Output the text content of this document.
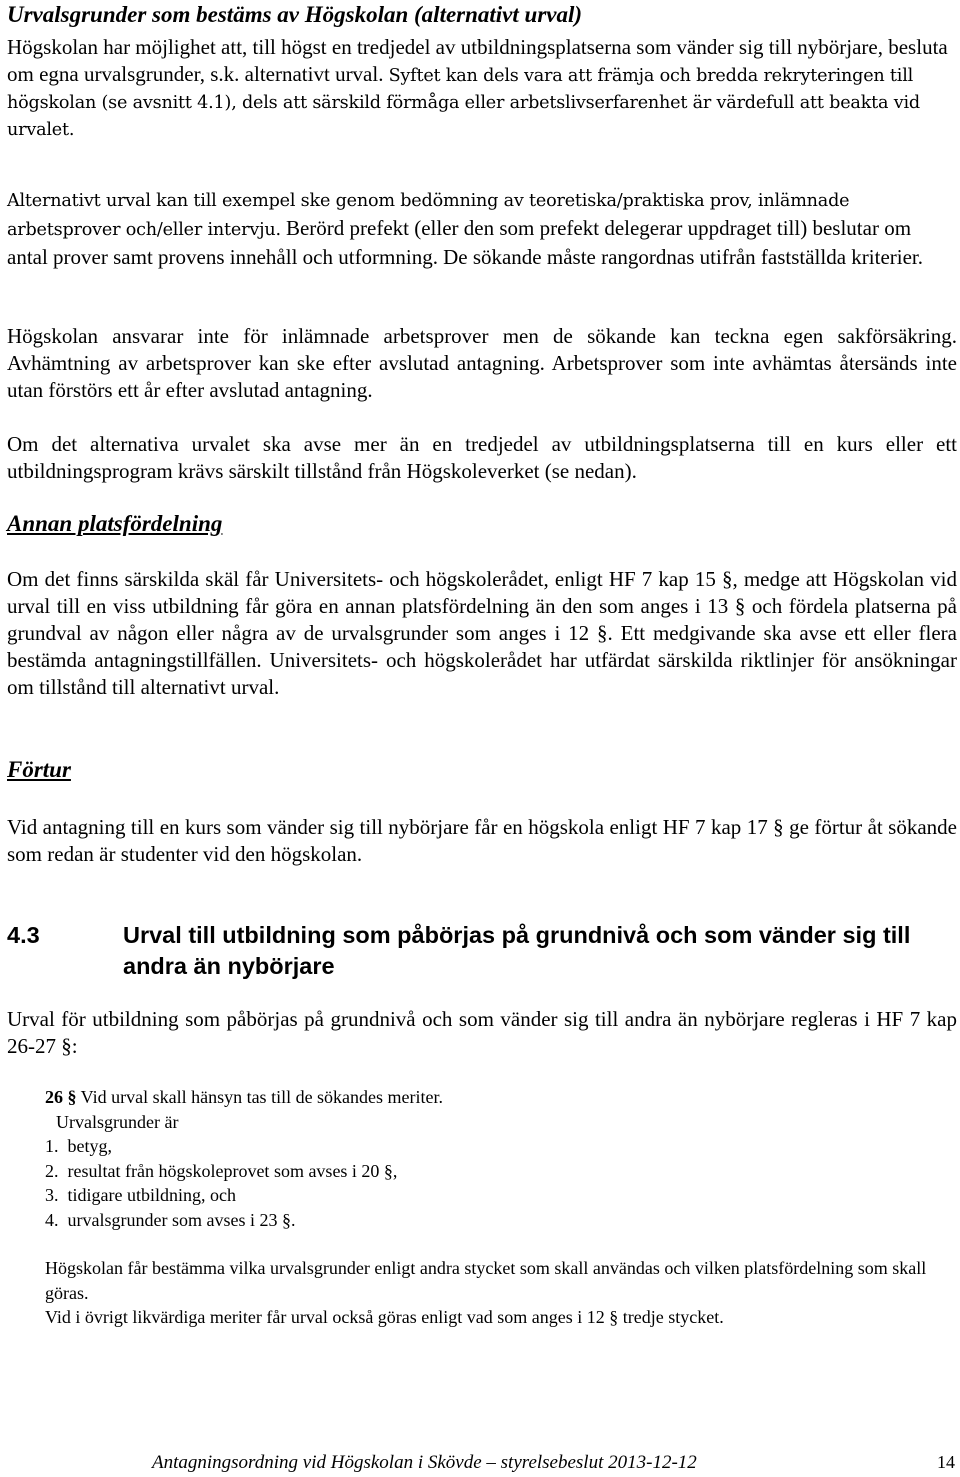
Urvalsgrunder som bestäms av Högskolan (alternativt urval)

Högskolan har möjlighet att, till högst en tredjedel av utbildningsplatserna som vänder sig till nybörjare, besluta om egna urvalsgrunder, s.k. alternativt urval.

Syftet kan dels vara att främja och bredda rekryteringen till högskolan (se avsnitt 4.1), dels att särskild förmåga eller arbetslivserfarenhet är värdefull att beakta vid urvalet.

Alternativt urval kan till exempel ske genom bedömning av teoretiska/praktiska prov, inlämnade arbetsprover och/eller intervju.

Berörd prefekt (eller den som prefekt delegerar uppdraget till) beslutar om antal prover samt provens innehåll och utformning.

De sökande måste rangordnas utifrån fastställda kriterier.

Högskolan ansvarar inte för inlämnade arbetsprover men de sökande kan teckna egen sakförsäkring. Avhämtning av arbetsprover kan ske efter avslutad antagning. Arbetsprover som inte avhämtas återsänds inte utan förstörs ett år efter avslutad antagning.

Om det alternativa urvalet ska avse mer än en tredjedel av utbildningsplatserna till en kurs eller ett utbildningsprogram krävs särskilt tillstånd från Högskoleverket (se nedan).

Annan platsfördelning

Om det finns särskilda skäl får Universitets- och högskolerådet, enligt HF 7 kap 15 §, medge att Högskolan vid urval till en viss utbildning får göra en annan platsfördelning än den som anges i 13 § och fördela platserna på grundval av någon eller några av de urvalsgrunder som anges i 12 §. Ett medgivande ska avse ett eller flera bestämda antagningstillfällen. Universitets- och högskolerådet har utfärdat särskilda riktlinjer för ansökningar om tillstånd till alternativt urval.

Förtur

Vid antagning till en kurs som vänder sig till nybörjare får en högskola enligt HF 7 kap 17 § ge förtur åt sökande som redan är studenter vid den högskolan.

4.3	Urval till utbildning som påbörjas på grundnivå och som vänder sig till andra än nybörjare

Urval för utbildning som påbörjas på grundnivå och som vänder sig till andra än nybörjare regleras i HF 7 kap 26-27 §:

26 § Vid urval skall hänsyn tas till de sökandes meriter.
Urvalsgrunder är
1.  betyg,
2.  resultat från högskoleprovet som avses i 20 §,
3.  tidigare utbildning, och
4.  urvalsgrunder som avses i 23 §.
Högskolan får bestämma vilka urvalsgrunder enligt andra stycket som skall användas och vilken platsfördelning som skall göras.
Vid i övrigt likvärdiga meriter får urval också göras enligt vad som anges i 12 § tredje stycket.
Antagningsordning vid Högskolan i Skövde – styrelsebeslut 2013-12-12	14
